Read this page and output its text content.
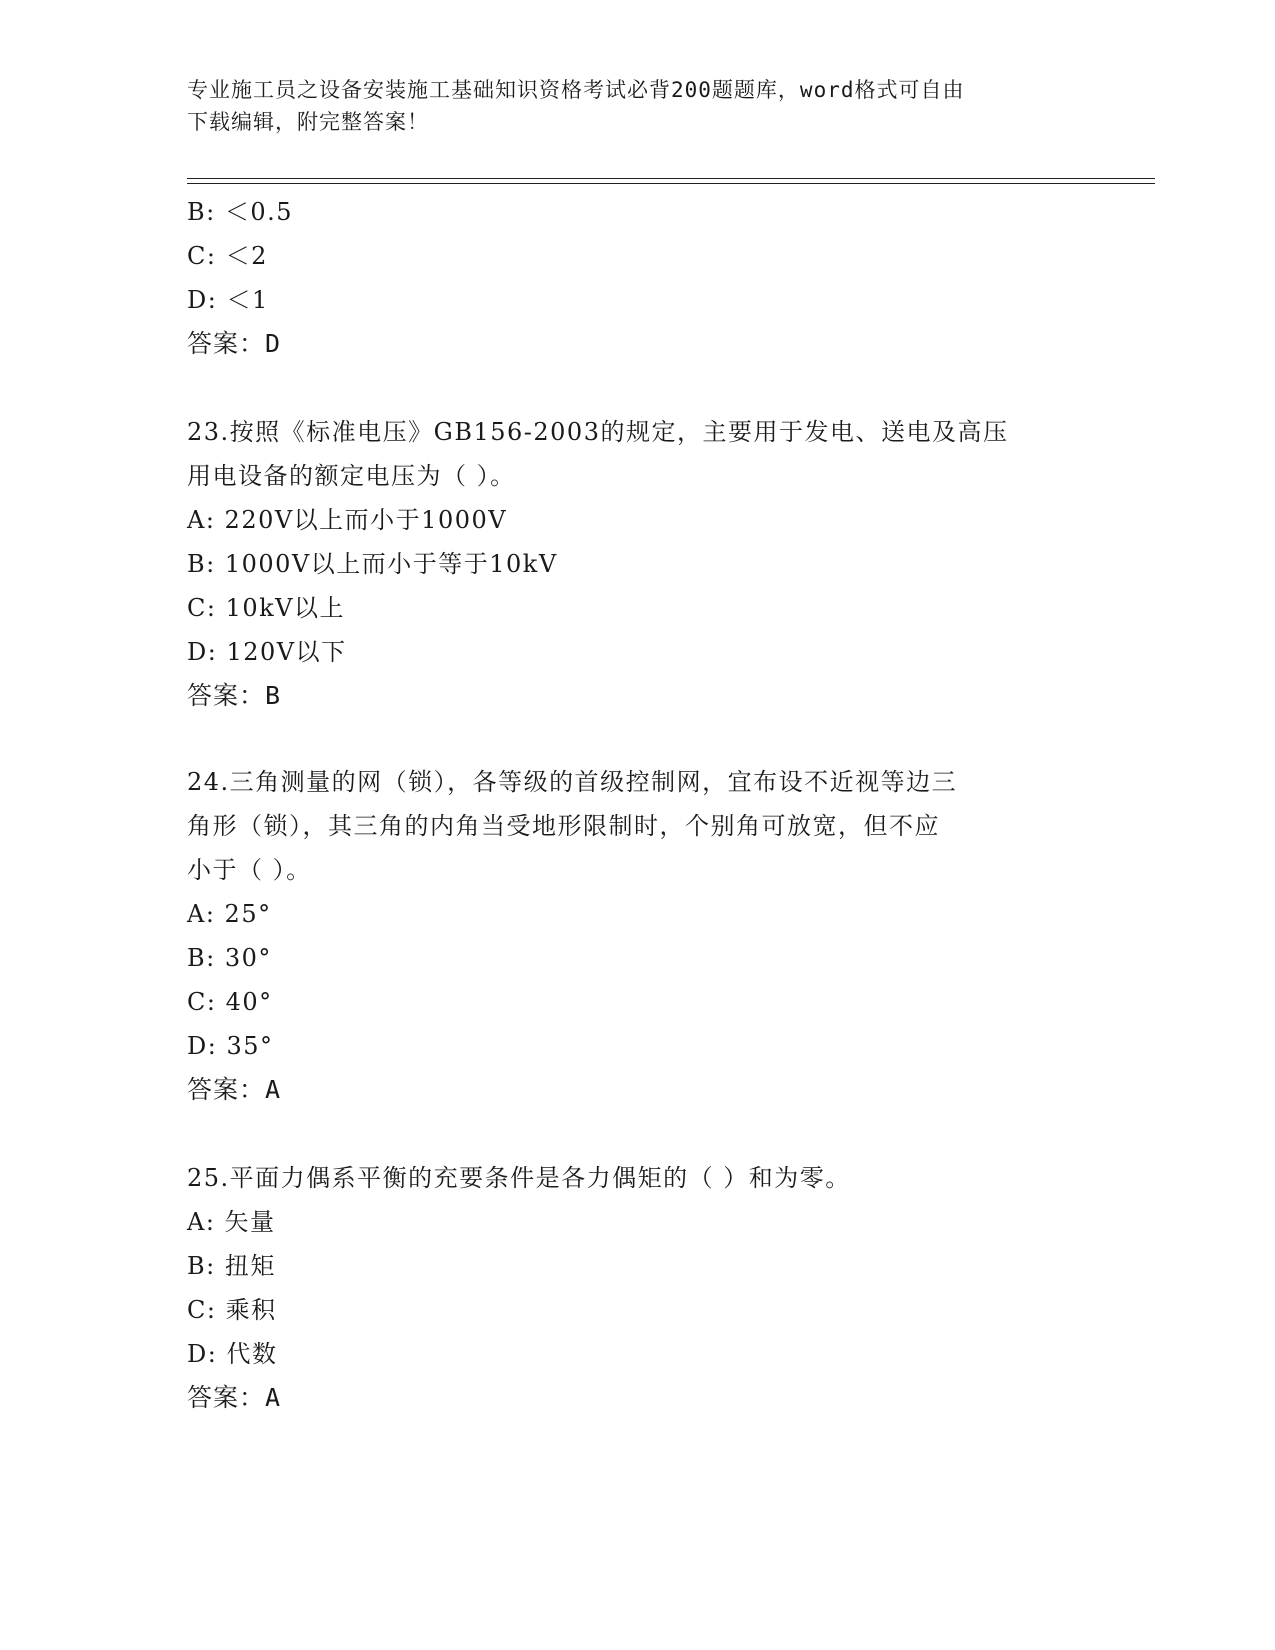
专业施工员之设备安装施工基础知识资格考试必背200题题库，word格式可自由
下载编辑，附完整答案！
B: ＜0.5
C: ＜2
D: ＜1
答案：D
23.按照《标准电压》GB156-2003的规定，主要用于发电、送电及高压
用电设备的额定电压为（ ）。
A: 220V以上而小于1000V
B: 1000V以上而小于等于10kV
C: 10kV以上
D: 120V以下
答案：B
24.三角测量的网（锁），各等级的首级控制网，宜布设不近视等边三
角形（锁），其三角的内角当受地形限制时，个别角可放宽，但不应
小于（ ）。
A: 25°
B: 30°
C: 40°
D: 35°
答案：A
25.平面力偶系平衡的充要条件是各力偶矩的（ ）和为零。
A: 矢量
B: 扭矩
C: 乘积
D: 代数
答案：A
